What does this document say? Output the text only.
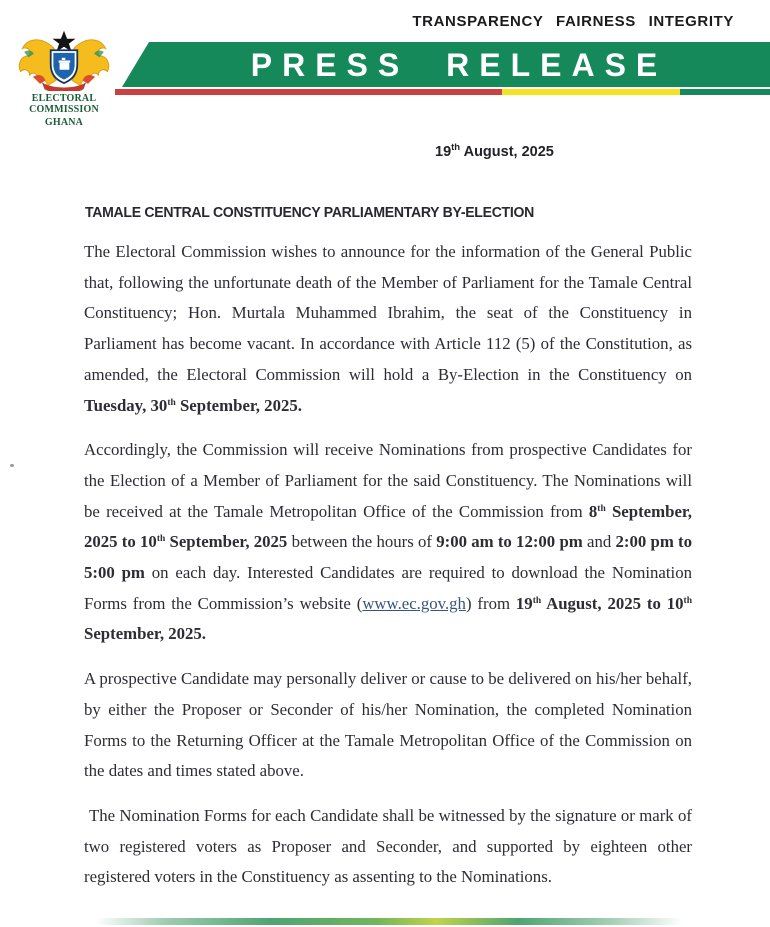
TRANSPARENCY FAIRNESS INTEGRITY
ELECTORAL COMMISSION
GHANA
PRESS RELEASE
19th August, 2025
TAMALE CENTRAL CONSTITUENCY PARLIAMENTARY BY-ELECTION

The Electoral Commission wishes to announce for the information of the General Public that, following the unfortunate death of the Member of Parliament for the Tamale Central Constituency; Hon. Murtala Muhammed Ibrahim, the seat of the Constituency in Parliament has become vacant. In accordance with Article 112 (5) of the Constitution, as amended, the Electoral Commission will hold a By-Election in the Constituency on Tuesday, 30th September, 2025.

Accordingly, the Commission will receive Nominations from prospective Candidates for the Election of a Member of Parliament for the said Constituency. The Nominations will be received at the Tamale Metropolitan Office of the Commission from 8th September, 2025 to 10th September, 2025 between the hours of 9:00 am to 12:00 pm and 2:00 pm to 5:00 pm on each day. Interested Candidates are required to download the Nomination Forms from the Commission’s website (www.ec.gov.gh) from 19th August, 2025 to 10th September, 2025.

A prospective Candidate may personally deliver or cause to be delivered on his/her behalf, by either the Proposer or Seconder of his/her Nomination, the completed Nomination Forms to the Returning Officer at the Tamale Metropolitan Office of the Commission on the dates and times stated above.

The Nomination Forms for each Candidate shall be witnessed by the signature or mark of two registered voters as Proposer and Seconder, and supported by eighteen other registered voters in the Constituency as assenting to the Nominations.
